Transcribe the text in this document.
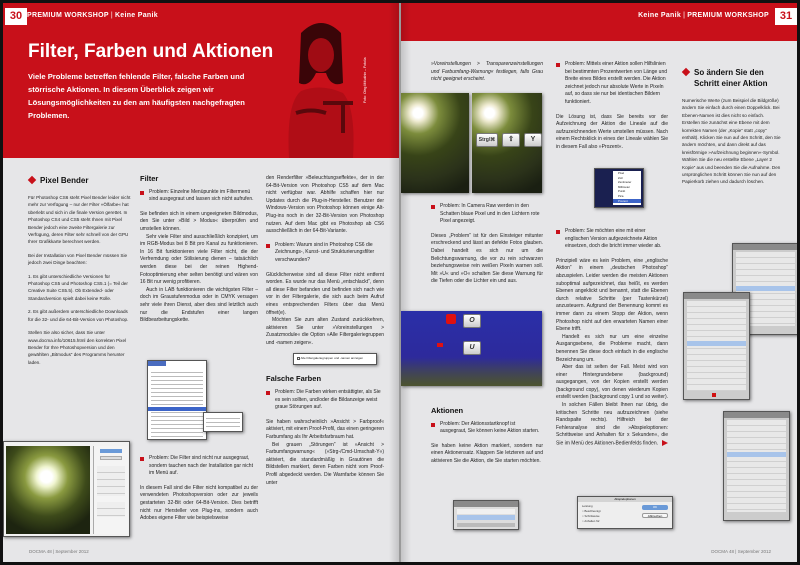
30 PREMIUM WORKSHOP | Keine Panik
Filter, Farben und Aktionen
Viele Probleme betreffen fehlende Filter, falsche Farben und störrische Aktionen. In diesem Überblick zeigen wir Lösungsmöglichkeiten zu den am häufigsten nachgefragten Problemen.
Foto: Oleg Mitiukhin – Fotolia
Pixel Bender

Für Photoshop CS6 steht Pixel Bender leider nicht mehr zur Verfügung – nur der Filter »Ölfarbe« hat überlebt und sich in die finale Version gerettet. In Photoshop CS4 und CS5 steht Ihnen mit Pixel Bender jedoch eine zweite Filtergalerie zur Verfügung, deren Filter sehr schnell von der GPU Ihrer Grafikkarte berechnet werden.

Bei der Installation von Pixel Bender müssen Sie jedoch zwei Dinge beachten:

1. Es gibt unterschiedliche Versionen für Photoshop CS5 und Photoshop CS5.1 (= Teil der Creative Suite CS5.5). Ob Extended- oder Standardversion spielt dabei keine Rolle.

2. Es gibt außerdem unterschiedliche Downloads für die 32- und die 64-Bit-Version von Photoshop.

Stellen Sie also sicher, dass Sie unter www.docma.info/10615.html den korrekten Pixel Bender für Ihre Photoshopversion und den gewählten „Bitmodus“ des Programms herunter laden.

Filter
Problem: Einzelne Menüpunkte im Filtermenü sind ausgegraut und lassen sich nicht aufrufen.

Sie befinden sich in einem ungeeigneten Bildmodus, den Sie unter »Bild > Modus« überprüfen und umstellen können.

Sehr viele Filter sind ausschließlich konzipiert, um im RGB-Modus bei 8 Bit pro Kanal zu funktionieren. In 16 Bit funktionieren viele Filter nicht, die der Verfremdung oder Stilisierung dienen – tatsächlich werden diese bei der reinen Highend-Fotooptimierung eher selten benötigt und wären von 16 Bit nur wenig profitieren.

Auch in LAB funktionieren die wichtigsten Filter – doch im Graustufenmodus oder in CMYK versagen sehr viele ihren Dienst, aber dies sind letztlich auch nur die Endstufen einer langen Bildbearbeitungskette.

Problem: Die Filter sind nicht nur ausgegraut, sondern tauchen nach der Installation gar nicht im Menü auf.

In diesem Fall sind die Filter nicht kompatibel zu der verwendeten Photoshopversion oder zur jeweils gestarteten 32-Bit oder 64-Bit-Version. Dies betrifft nicht nur Hersteller von Plug-ins, sondern auch Adobes eigene Filter wie beispielsweise

den Renderfilter »Beleuchtungseffekte«, der in der 64-Bit-Version von Photoshop CS5 auf dem Mac nicht verfügbar war. Abhilfe schaffen hier nur Updates durch die Plug-in-Hersteller. Benutzer der Windows-Version von Photoshop können einige Alt-Plug-ins noch in der 32-Bit-Version von Photoshop nutzen. Auf dem Mac gibt es Photoshop ab CS6 ausschließlich in der 64-Bit-Variante.

Problem: Warum sind in Photoshop CS6 die Zeichnungs-, Kunst- und Strukturierungsfilter verschwunden?

Glücklicherweise sind all diese Filter nicht entfernt worden. Es wurde nur das Menü „entschlackt“, denn all diese Filter befanden und befinden sich nach wie vor in der Filtergalerie, die sich auch beim Aufruf eines entsprechenden Filters über das Menü öffnet(e).

Möchten Sie zum alten Zustand zurückkehren, aktivieren Sie unter »Voreinstellungen > Zusatzmodule« die Option »Alle Filtergaleriegruppen und -namen zeigen«.

Alle Filtergaleriegruppen und -namen anzeigen
Falsche Farben
Problem: Die Farben wirken entsättigter, als Sie es sein sollten, und/oder die Bildanzeige weist graue Störungen auf.

Sie haben wahrscheinlich »Ansicht > Farbproof« aktiviert, mit einem Proof-Profil, das einen geringeren Farbumfang als Ihr Arbeitsfarbraum hat.

Bei grauen „Störungen“ ist »Ansicht > Farbumfangwarnung« (»Strg-/Cmd-Umschalt-Y«) aktiviert, die standardmäßig in Grautönen die Bildstellen markiert, deren Farben nicht vom Proof-Profil abgedeckt werden. Die Warnfarbe können Sie unter

DOCMA 48 | September 2012
Keine Panik | PREMIUM WORKSHOP 31

»Voreinstellungen > Transparenzeinstellungen und Farbumfang-Warnung« festlegen, falls Grau nicht geeignet erscheint.

Strg/⌘	⇧	Y
Problem: In Camera Raw werden in den Schatten blaue Pixel und in den Lichtern rote Pixel angezeigt.

Dieses „Problem“ ist für den Einsteiger mitunter erschreckend und lässt an defekte Fotos glauben. Dabei handelt es sich nur um die Belichtungswarnung, die vor zu rein schwarzen beziehungsweise rein weißen Pixeln warnen soll. Mit »U« und »O« schalten Sie diese Warnung für die Tiefen oder die Lichter ein und aus.

O
U
Aktionen
Problem: Der Aktionsstartknopf ist ausgegraut, Sie können keine Aktion starten.

Sie haben keine Aktion markiert, sondern nur einen Aktionensatz. Klappen Sie letzteren auf und aktivieren Sie die Aktion, die Sie starten möchten.

Problem: Mittels einer Aktion sollen Hilfslinien bei bestimmten Prozentwerten von Länge und Breite eines Bildes erstellt werden. Die Aktion zeichnet jedoch nur absolute Werte in Pixeln auf, so dass sie nur bei identischen Bildern funktioniert.

Die Lösung ist, dass Sie bereits vor der Aufzeichnung der Aktion die Lineale auf die aufzuzeichnenden Werte umstellen müssen. Nach einem Rechtsklick in eines der Lineale wählen Sie in diesem Fall also »Prozent«.

Pixel
Zoll
Zentimeter
Millimeter
Punkt
Pica
Prozent
Problem: Sie möchten eine mit einer englischen Version aufgezeichnete Aktion einsetzen, doch die bricht immer wieder ab.

Prinzipiell wäre es kein Problem, eine „englische Aktion“ in einem „deutschen Photoshop“ abzuspielen. Leider werden die meisten Aktionen suboptimal aufgezeichnet, das heißt, es werden Ebenen angeklickt und benannt, statt die Ebenen durch relative Schritte (per Tastenkürzel) anzusteuern. Aufgrund der Benennung kommt es immer dann zu einem Stopp der Aktion, wenn Photoshop nicht auf den erwarteten Namen einer Ebene trifft.

Handelt es sich nur um eine einzelne Ausgangsebene, die Probleme macht, dann benennen Sie diese doch einfach in die englische Bezeichnung um.

Aber das ist selten der Fall. Meist wird von einer Hintergrundebene (background) ausgegangen, von der Kopien erstellt werden (background copy), von denen wiederum Kopien erstellt werden (background copy 1 und so weiter).

In solchen Fällen bleibt Ihnen nur übrig, die kritischen Schritte neu aufzuzeichnen (siehe Randspalte rechts). Hilfreich bei der Fehleranalyse sind die »Abspieloptionen: Schrittweise und Anhalten für x Sekunden«, die Sie im Menü des Aktionen-Bedienfelds finden.

Abspieloptionen
Leistung
○ Beschleunigt
○ Schrittweise
○ Anhalten für:
OK
Abbrechen
So ändern Sie den Schritt einer Aktion

Numerische Werte (zum Beispiel die Bildgröße) ändern Sie einfach durch einen Doppelklick. Bei Ebenen-Namen ist dies nicht so einfach. Erstellen Sie zunächst eine Ebene mit dem korrekten Namen (der „Kopie“ statt „copy“ enthält). Klicken Sie nun auf den Schritt, den Sie ändern möchten, und dann direkt auf das kreisförmige »Aufzeichnung beginnen«-Symbol. Wählen Sie die neu erstellte Ebene „Layer 2 Kopie“ aus und beenden Sie die Aufnahme. Den ursprünglichen Schritt können Sie nun auf den Papierkorb ziehen und dadurch löschen.

DOCMA 48 | September 2012
